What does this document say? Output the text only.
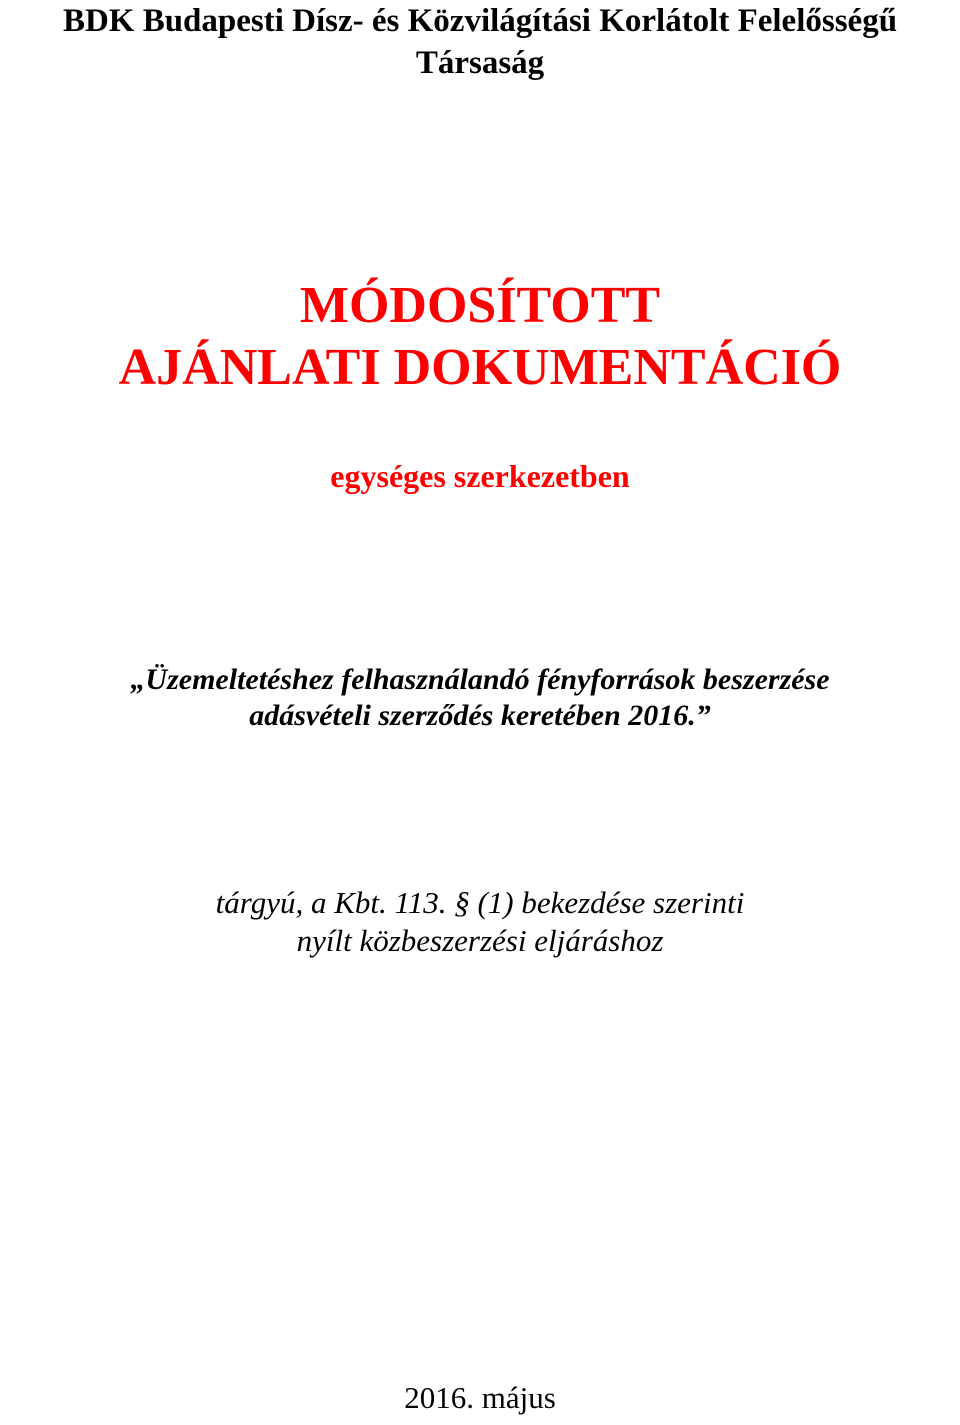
BDK Budapesti Dísz- és Közvilágítási Korlátolt Felelősségű
Társaság
MÓDOSÍTOTT
AJÁNLATI DOKUMENTÁCIÓ
egységes szerkezetben
„Üzemeltetéshez felhasználandó fényforrások beszerzése
adásvételi szerződés keretében 2016.”
tárgyú, a Kbt. 113. § (1) bekezdése szerinti
nyílt közbeszerzési eljáráshoz
2016. május
